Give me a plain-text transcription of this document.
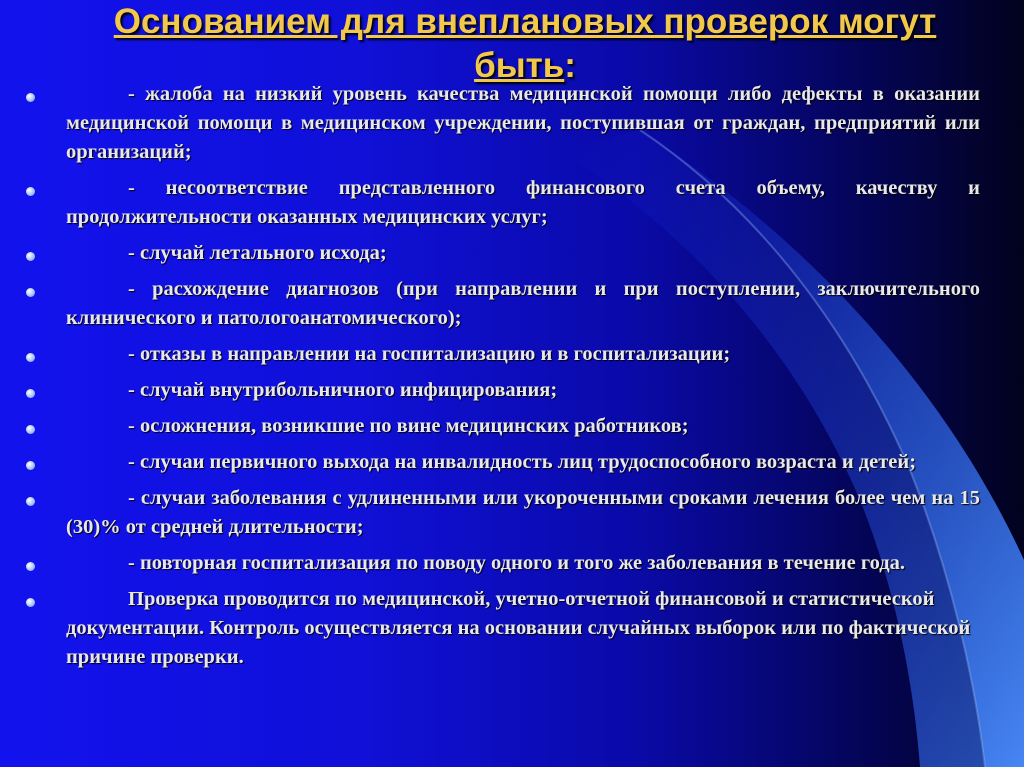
Основанием для внеплановых проверок могут
быть:
- жалоба на низкий уровень качества медицинской помощи либо дефекты в оказании медицинской помощи в медицинском учреждении, поступившая от граждан, предприятий или организаций;
- несоответствие представленного финансового счета объему, качеству и продолжительности оказанных медицинских услуг;
- случай летального исхода;
- расхождение диагнозов (при направлении и при поступлении, заключительного клинического и патологоанатомического);
- отказы в направлении на госпитализацию и в госпитализации;
- случай внутрибольничного инфицирования;
- осложнения, возникшие по вине медицинских работников;
- случаи первичного выхода на инвалидность лиц трудоспособного возраста и детей;
- случаи заболевания с удлиненными или укороченными сроками лечения более чем на 15 (30)% от средней длительности;
- повторная госпитализация по поводу одного и того же заболевания в течение года.
Проверка проводится по медицинской, учетно-отчетной финансовой и статистической документации. Контроль осуществляется на основании случайных выборок или по фактической причине проверки.
